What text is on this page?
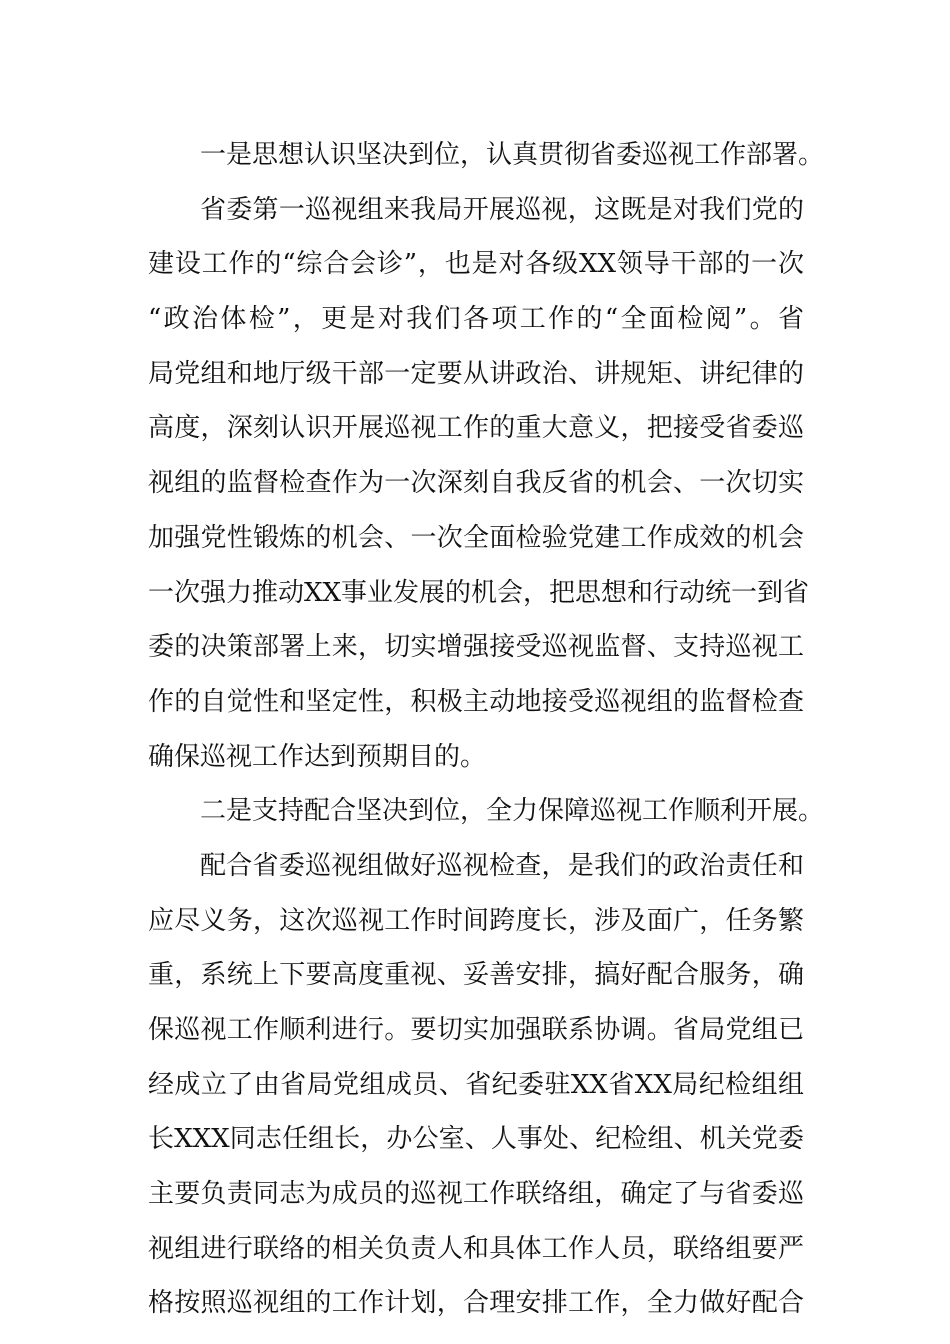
一是思想认识坚决到位，认真贯彻省委巡视工作部署。
省委第一巡视组来我局开展巡视，这既是对我们党的
建设工作的“综合会诊”，也是对各级XX领导干部的一次
“政治体检”，更是对我们各项工作的“全面检阅”。省
局党组和地厅级干部一定要从讲政治、讲规矩、讲纪律的
高度，深刻认识开展巡视工作的重大意义，把接受省委巡
视组的监督检查作为一次深刻自我反省的机会、一次切实
加强党性锻炼的机会、一次全面检验党建工作成效的机会
一次强力推动XX事业发展的机会，把思想和行动统一到省
委的决策部署上来，切实增强接受巡视监督、支持巡视工
作的自觉性和坚定性，积极主动地接受巡视组的监督检查
确保巡视工作达到预期目的。
二是支持配合坚决到位，全力保障巡视工作顺利开展。
配合省委巡视组做好巡视检查，是我们的政治责任和
应尽义务，这次巡视工作时间跨度长，涉及面广，任务繁
重，系统上下要高度重视、妥善安排，搞好配合服务，确
保巡视工作顺利进行。要切实加强联系协调。省局党组已
经成立了由省局党组成员、省纪委驻XX省XX局纪检组组
长XXX同志任组长，办公室、人事处、纪检组、机关党委
主要负责同志为成员的巡视工作联络组，确定了与省委巡
视组进行联络的相关负责人和具体工作人员，联络组要严
格按照巡视组的工作计划，合理安排工作，全力做好配合
